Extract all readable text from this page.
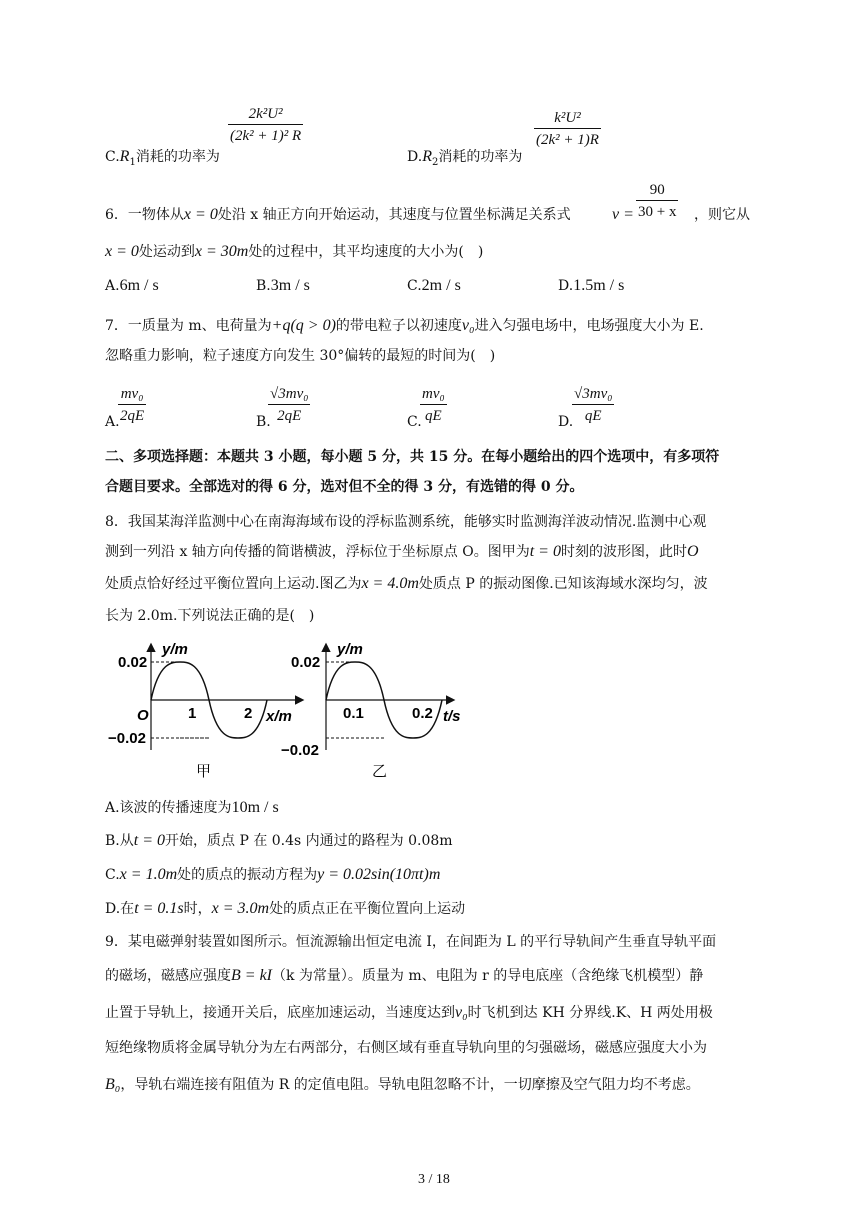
$C.R_1$消耗的功率为
2k²U²
(2k² + 1)² R
$D.R_2$消耗的功率为
k²U²
(2k² + 1)R
6．一物体从x = 0处沿 x 轴正方向开始运动，其速度与位置坐标满足关系式	v =
90
30 + x ，则它从
x = 0处运动到x = 30m处的过程中，其平均速度的大小为(　)
A.6m / s	B.3m / s	C.2m / s	D.1.5m / s
7．一质量为 m、电荷量为+q(q > 0)的带电粒子以初速度v₀进入匀强电场中，电场强度大小为 E.
忽略重力影响，粒子速度方向发生 30°偏转的最短的时间为(　)
A.
mv₀
2qE	B.
√3mv₀
2qE	C.
mv₀
qE	D.
√3mv₀
qE
二、多项选择题：本题共 3 小题，每小题 5 分，共 15 分。在每小题给出的四个选项中，有多项符
合题目要求。全部选对的得 6 分，选对但不全的得 3 分，有选错的得 0 分。
8．我国某海洋监测中心在南海海域布设的浮标监测系统，能够实时监测海洋波动情况.监测中心观
测到一列沿 x 轴方向传播的简谐横波，浮标位于坐标原点 O。图甲为t = 0时刻的波形图，此时O
处质点恰好经过平衡位置向上运动.图乙为x = 4.0m处质点 P 的振动图像.已知该海域水深均匀，波
长为 2.0m.下列说法正确的是(　)
y/m
0.02
−0.02
O	1	2 x/m
甲
y/m
0.02
−0.02
0.1	0.2 t/s
乙
A.该波的传播速度为10m / s
B.从t = 0开始，质点 P 在 0.4s 内通过的路程为 0.08m
C.x = 1.0m处的质点的振动方程为y = 0.02sin(10πt)m
D.在t = 0.1s时，x = 3.0m处的质点正在平衡位置向上运动
9．某电磁弹射装置如图所示。恒流源输出恒定电流 I，在间距为 L 的平行导轨间产生垂直导轨平面
的磁场，磁感应强度B = kI（k 为常量）。质量为 m、电阻为 r 的导电底座（含绝缘飞机模型）静
止置于导轨上，接通开关后，底座加速运动，当速度达到v₀时飞机到达 KH 分界线.K、H 两处用极
短绝缘物质将金属导轨分为左右两部分，右侧区域有垂直导轨向里的匀强磁场，磁感应强度大小为
B₀，导轨右端连接有阻值为 R 的定值电阻。导轨电阻忽略不计，一切摩擦及空气阻力均不考虑。
3 / 18
